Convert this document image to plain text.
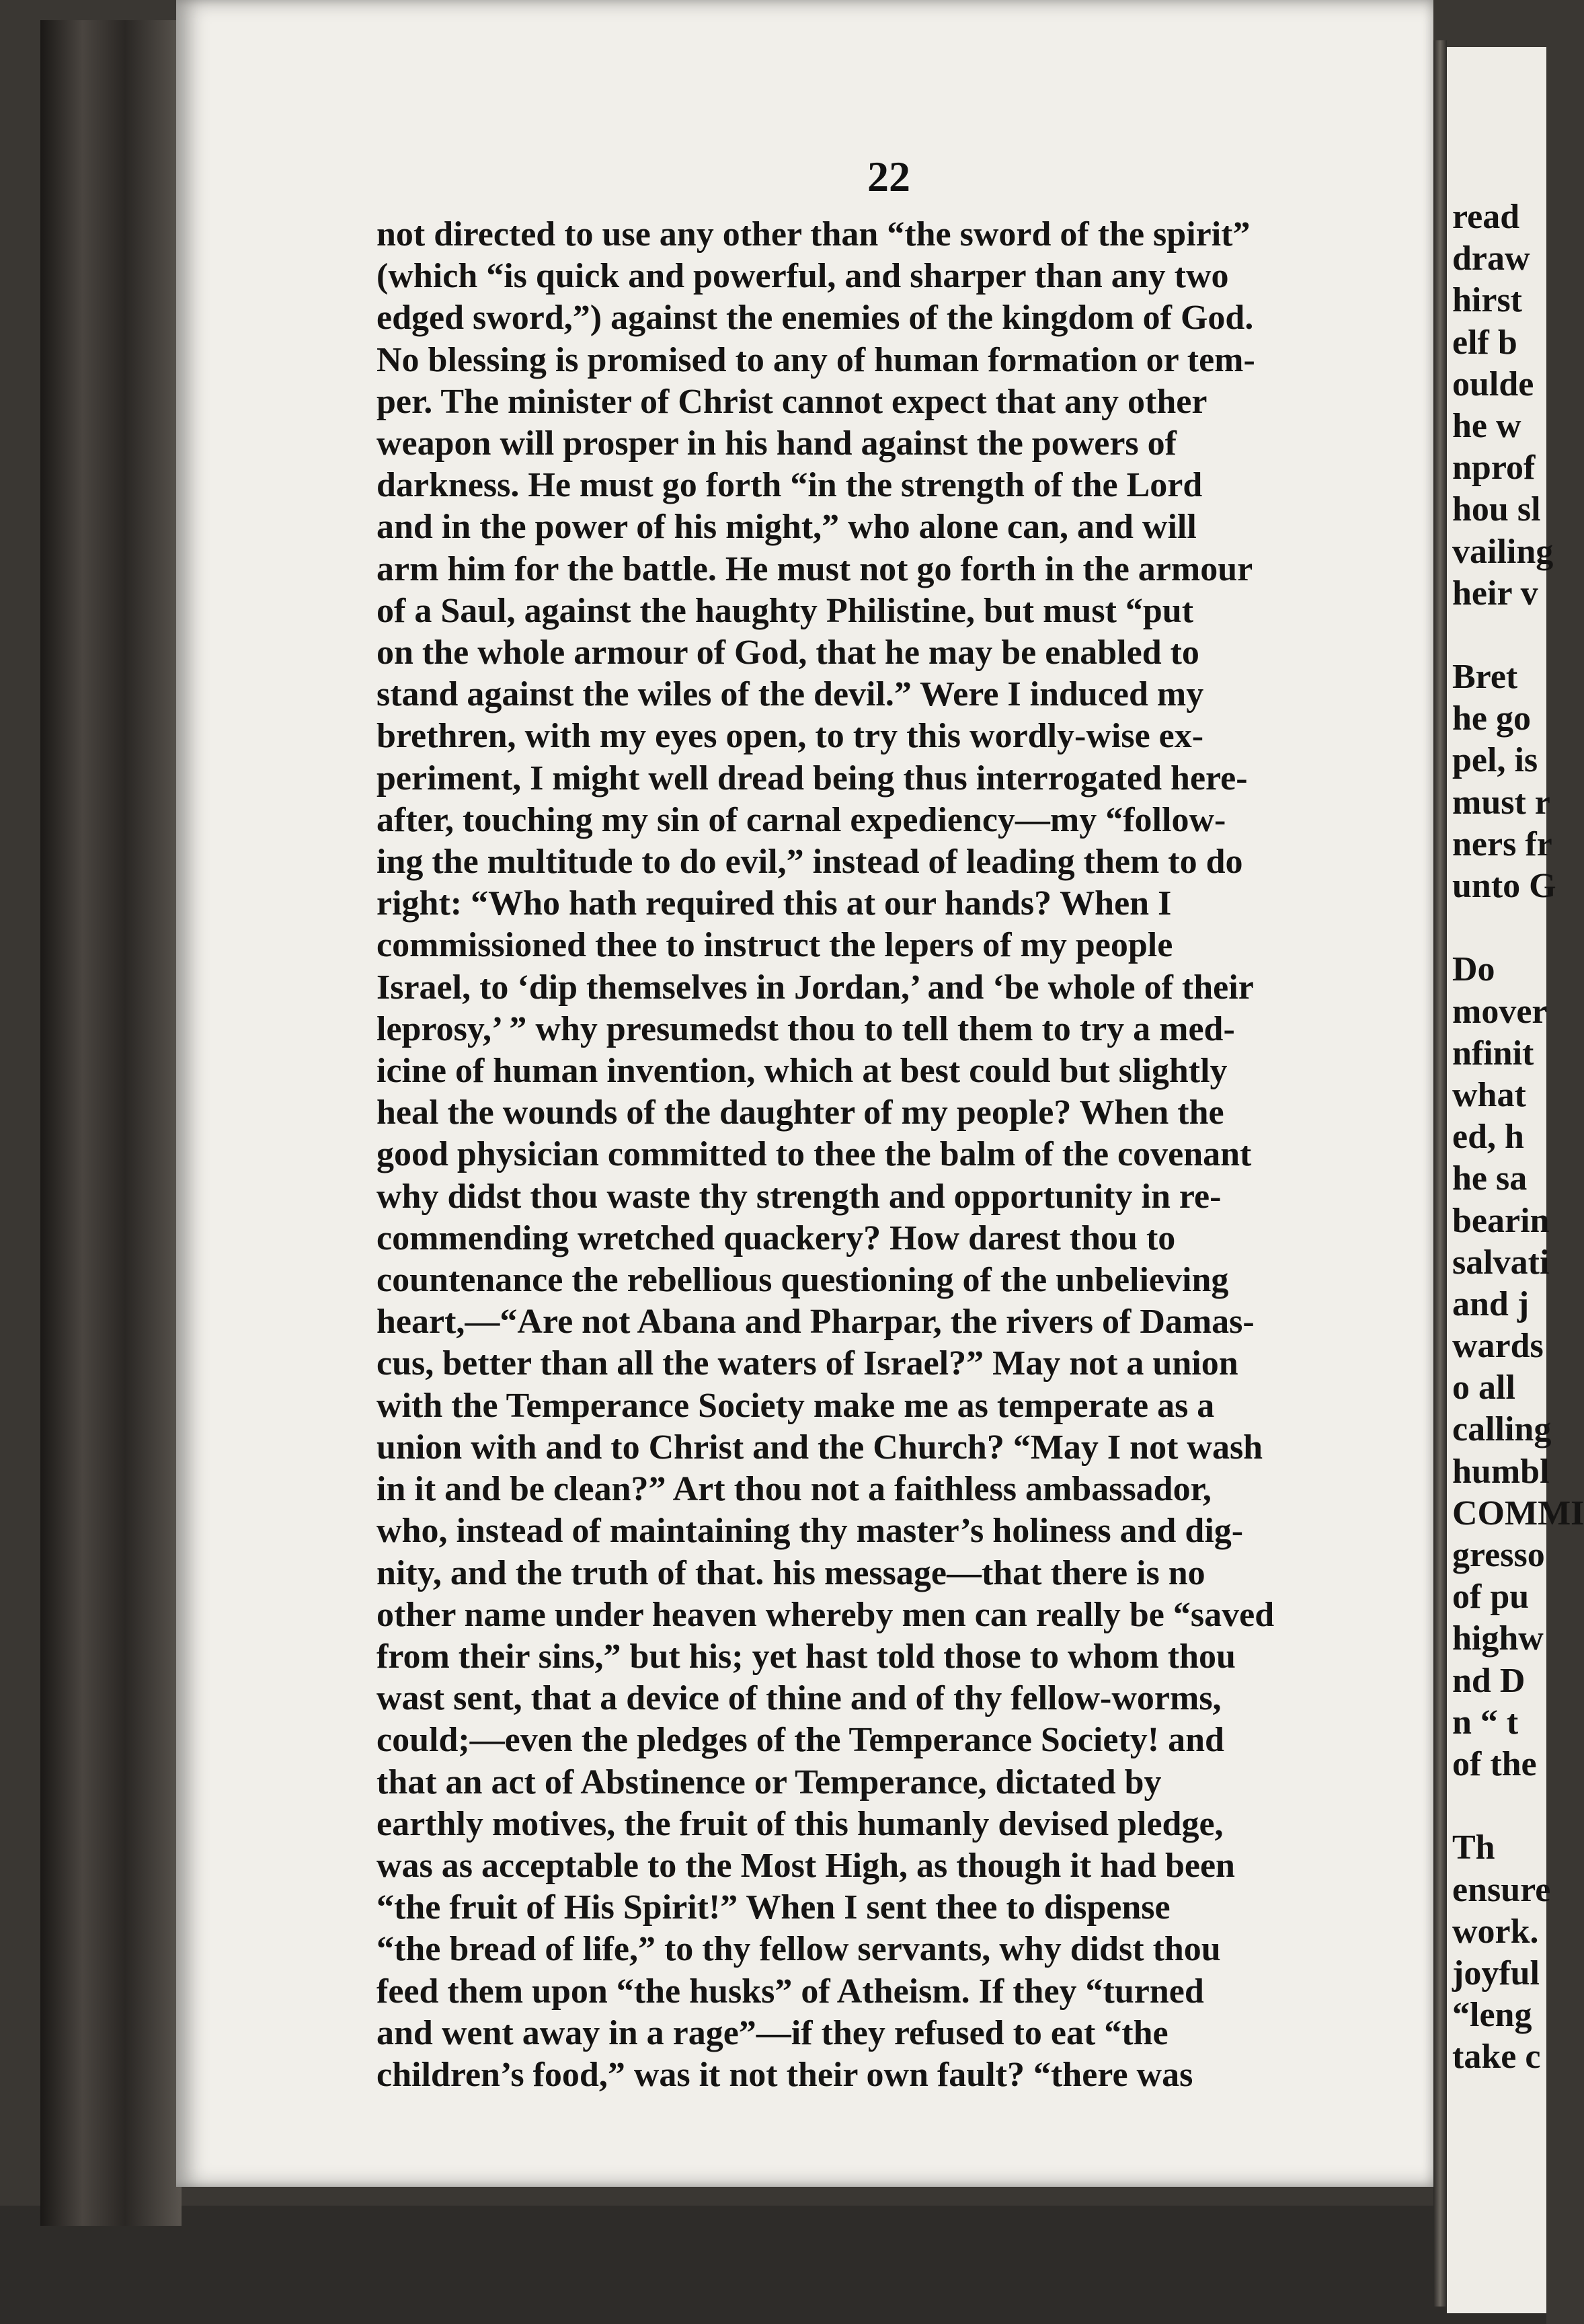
22
not directed to use any other than “the sword of the spirit”
(which “is quick and powerful, and sharper than any two
edged sword,”) against the enemies of the kingdom of God.
No blessing is promised to any of human formation or tem-
per. The minister of Christ cannot expect that any other
weapon will prosper in his hand against the powers of
darkness. He must go forth “in the strength of the Lord
and in the power of his might,” who alone can, and will
arm him for the battle. He must not go forth in the armour
of a Saul, against the haughty Philistine, but must “put
on the whole armour of God, that he may be enabled to
stand against the wiles of the devil.” Were I induced my
brethren, with my eyes open, to try this wordly-wise ex-
periment, I might well dread being thus interrogated here-
after, touching my sin of carnal expediency—my “follow-
ing the multitude to do evil,” instead of leading them to do
right: “Who hath required this at our hands? When I
commissioned thee to instruct the lepers of my people
Israel, to ‘dip themselves in Jordan,’ and ‘be whole of their
leprosy,’ ” why presumedst thou to tell them to try a med-
icine of human invention, which at best could but slightly
heal the wounds of the daughter of my people? When the
good physician committed to thee the balm of the covenant
why didst thou waste thy strength and opportunity in re-
commending wretched quackery? How darest thou to
countenance the rebellious questioning of the unbelieving
heart,—“Are not Abana and Pharpar, the rivers of Damas-
cus, better than all the waters of Israel?” May not a union
with the Temperance Society make me as temperate as a
union with and to Christ and the Church? “May I not wash
in it and be clean?” Art thou not a faithless ambassador,
who, instead of maintaining thy master’s holiness and dig-
nity, and the truth of that. his message—that there is no
other name under heaven whereby men can really be “saved
from their sins,” but his; yet hast told those to whom thou
wast sent, that a device of thine and of thy fellow-worms,
could;—even the pledges of the Temperance Society! and
that an act of Abstinence or Temperance, dictated by
earthly motives, the fruit of this humanly devised pledge,
was as acceptable to the Most High, as though it had been
“the fruit of His Spirit!” When I sent thee to dispense
“the bread of life,” to thy fellow servants, why didst thou
feed them upon “the husks” of Atheism. If they “turned
and went away in a rage”—if they refused to eat “the
children’s food,” was it not their own fault? “there was
read
draw
hirst
elf b
oulde
he w
nprof
hou sl
vailing
heir v
Bret
he go
pel, is
must r
ners fr
unto G
Do
mover
nfinit
what
ed, h
he sa
bearin
salvati
and j
wards
o all
calling
humbl
COMMI
gresso
of pu
highw
nd D
n “ t
of the
Th
ensure
work.
joyful
“leng
take c
